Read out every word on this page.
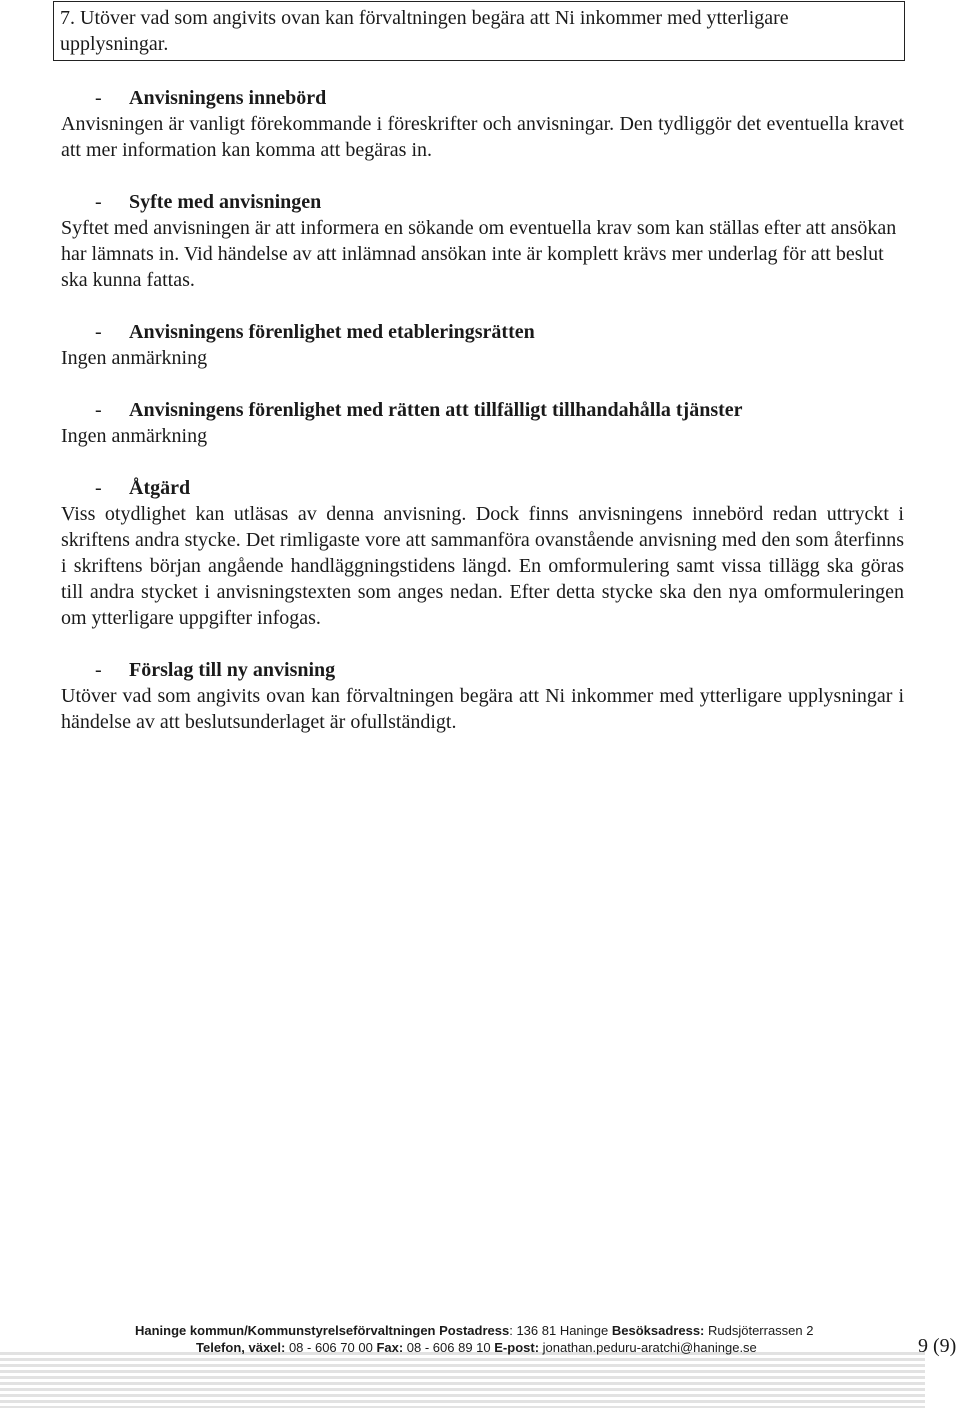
7. Utöver vad som angivits ovan kan förvaltningen begära att Ni inkommer med ytterligare upplysningar.
- Anvisningens innebörd
Anvisningen är vanligt förekommande i föreskrifter och anvisningar. Den tydliggör det eventuella kravet att mer information kan komma att begäras in.
- Syfte med anvisningen
Syftet med anvisningen är att informera en sökande om eventuella krav som kan ställas efter att ansökan har lämnats in. Vid händelse av att inlämnad ansökan inte är komplett krävs mer underlag för att beslut ska kunna fattas.
- Anvisningens förenlighet med etableringsrätten
Ingen anmärkning
- Anvisningens förenlighet med rätten att tillfälligt tillhandahålla tjänster
Ingen anmärkning
- Åtgärd
Viss otydlighet kan utläsas av denna anvisning. Dock finns anvisningens innebörd redan uttryckt i skriftens andra stycke. Det rimligaste vore att sammanföra ovanstående anvisning med den som återfinns i skriftens början angående handläggningstidens längd. En omformulering samt vissa tillägg ska göras till andra stycket i anvisningstexten som anges nedan. Efter detta stycke ska den nya omformuleringen om ytterligare uppgifter infogas.
- Förslag till ny anvisning
Utöver vad som angivits ovan kan förvaltningen begära att Ni inkommer med ytterligare upplysningar i händelse av att beslutsunderlaget är ofullständigt.
Haninge kommun/Kommunstyrelseförvaltningen Postadress: 136 81 Haninge Besöksadress: Rudsjöterrassen 2
Telefon, växel: 08 - 606 70 00 Fax: 08 - 606 89 10 E-post: jonathan.peduru-aratchi@haninge.se	9 (9)
